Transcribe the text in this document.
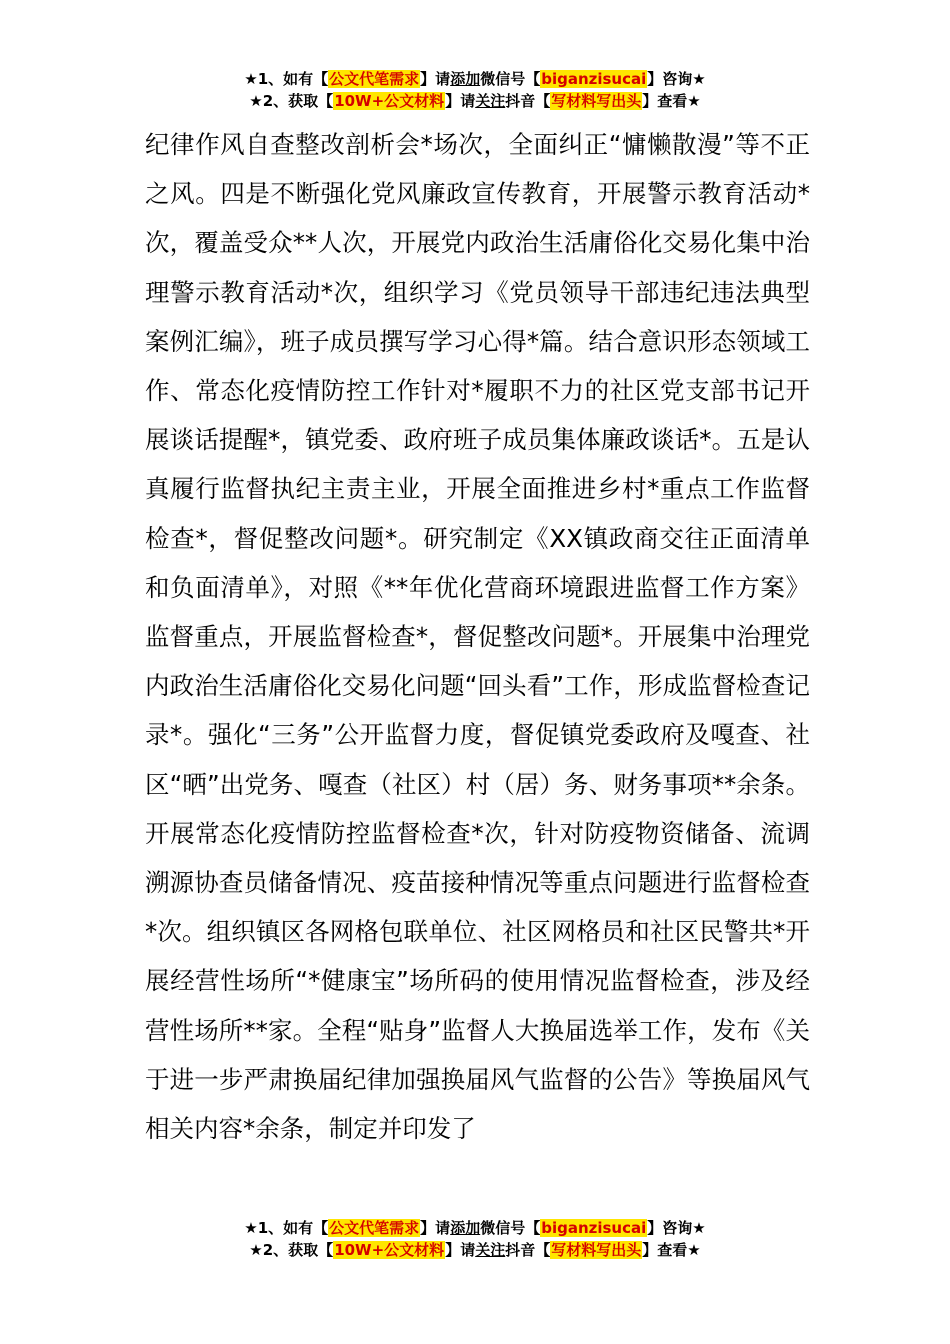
★1、如有【公文代笔需求】请添加微信号【biganzisucai】咨询★
★2、获取【10W+公文材料】请关注抖音【写材料写出头】查看★

纪律作风自查整改剖析会*场次，全面纠正“慵懒散漫”等不正之风。四是不断强化党风廉政宣传教育，开展警示教育活动*次，覆盖受众**人次，开展党内政治生活庸俗化交易化集中治理警示教育活动*次，组织学习《党员领导干部违纪违法典型案例汇编》，班子成员撰写学习心得*篇。结合意识形态领域工作、常态化疫情防控工作针对*履职不力的社区党支部书记开展谈话提醒*，镇党委、政府班子成员集体廉政谈话*。五是认真履行监督执纪主责主业，开展全面推进乡村*重点工作监督检查*，督促整改问题*。研究制定《XX镇政商交往正面清单和负面清单》，对照《**年优化营商环境跟进监督工作方案》监督重点，开展监督检查*，督促整改问题*。开展集中治理党内政治生活庸俗化交易化问题“回头看”工作，形成监督检查记录*。强化“三务”公开监督力度，督促镇党委政府及嘎查、社区“晒”出党务、嘎查（社区）村（居）务、财务事项**余条。开展常态化疫情防控监督检查*次，针对防疫物资储备、流调溯源协查员储备情况、疫苗接种情况等重点问题进行监督检查*次。组织镇区各网格包联单位、社区网格员和社区民警共*开展经营性场所“*健康宝”场所码的使用情况监督检查，涉及经营性场所**家。全程“贴身”监督人大换届选举工作，发布《关于进一步严肃换届纪律加强换届风气监督的公告》等换届风气相关内容*余条，制定并印发了

★1、如有【公文代笔需求】请添加微信号【biganzisucai】咨询★
★2、获取【10W+公文材料】请关注抖音【写材料写出头】查看★
